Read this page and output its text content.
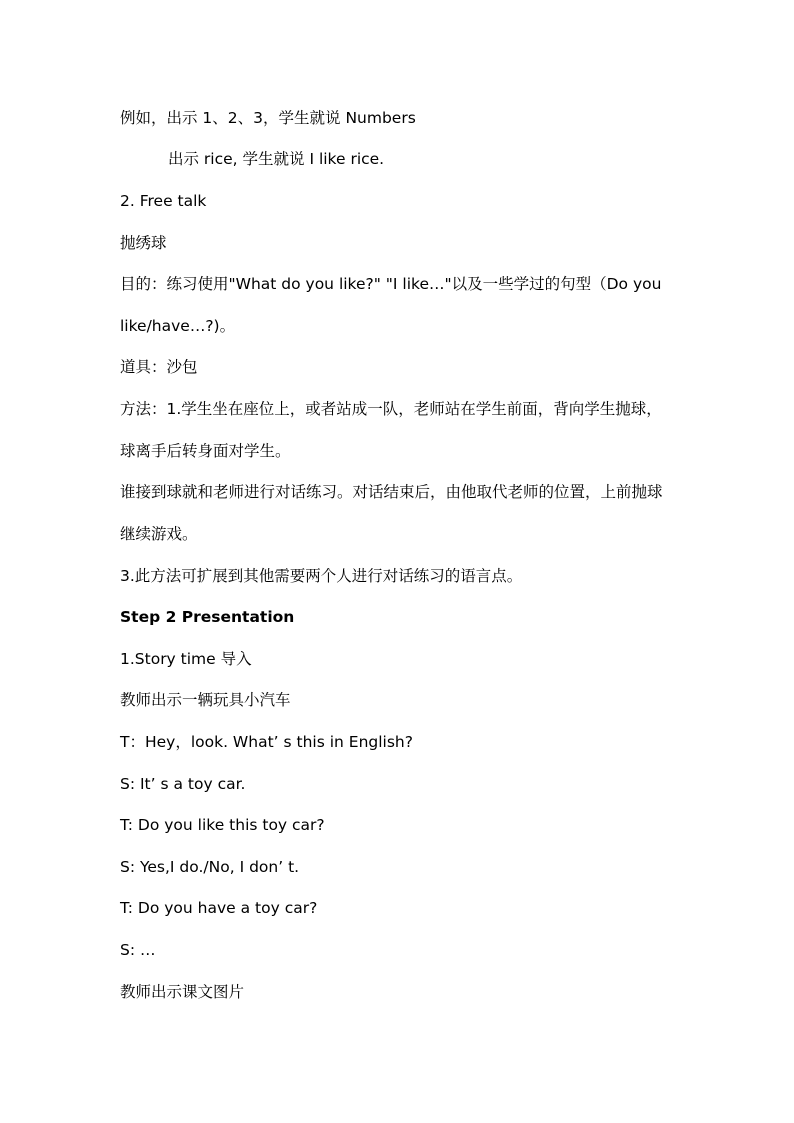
例如，出示 1、2、3，学生就说 Numbers
出示 rice, 学生就说 I like rice.
2. Free talk
抛绣球
目的：练习使用"What do you like?" "I like…"以及一些学过的句型（Do you
like/have…?)。
道具：沙包
方法：1.学生坐在座位上，或者站成一队，老师站在学生前面，背向学生抛球，
球离手后转身面对学生。
谁接到球就和老师进行对话练习。对话结束后，由他取代老师的位置，上前抛球
继续游戏。
3.此方法可扩展到其他需要两个人进行对话练习的语言点。
Step 2 Presentation
1.Story time 导入
教师出示一辆玩具小汽车
T：Hey，look. What’ s this in English?
S: It’ s a toy car.
T: Do you like this toy car?
S: Yes,I do./No, I don’ t.
T: Do you have a toy car?
S: …
教师出示课文图片
